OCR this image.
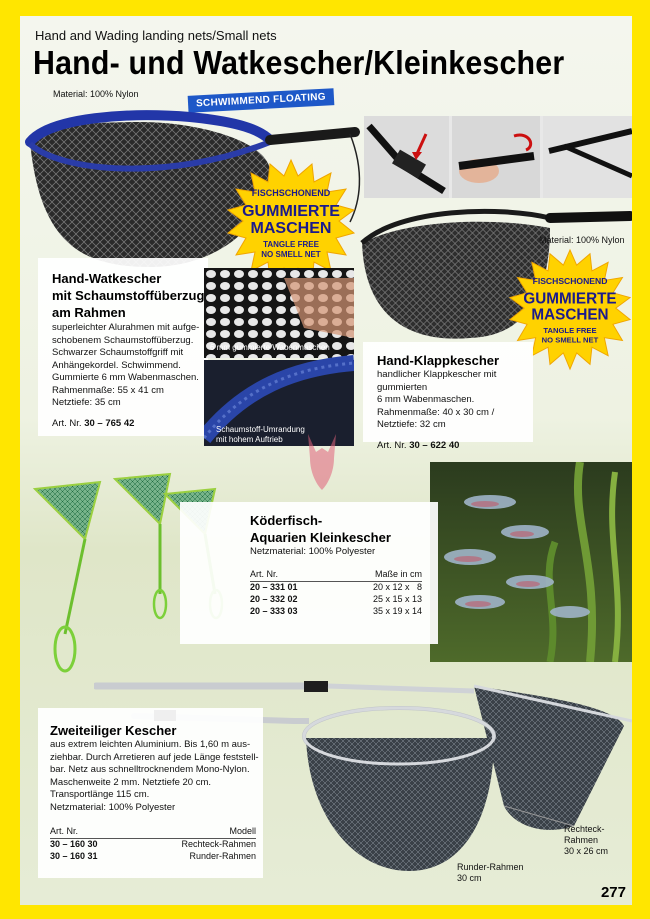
Hand and Wading landing nets/Small nets
Hand- und Watkescher/Kleinkescher
Material: 100% Nylon	SCHWIMMEND FLOATING
Material: 100% Nylon
FISCHSCHONEND
GUMMIERTE
MASCHEN
TANGLE FREE
NO SMELL NET
FISCHSCHONEND
GUMMIERTE
MASCHEN
TANGLE FREE
NO SMELL NET
Hand-Watkescher
mit Schaumstoffüberzug
am Rahmen

superleichter Alurahmen mit aufge-

schobenem Schaumstoffüberzug.

Schwarzer Schaumstoffgriff mit

Anhängekordel. Schwimmend.

Gummierte 6 mm Wabenmaschen.

Rahmenmaße: 55 x 41 cm

Netztiefe: 35 cm

Art. Nr. 30 – 765 42
6 mm gummierte Wabenmaschen
Schaumstoff-Umrandung
mit hohem Auftrieb
Hand-Klappkescher

handlicher Klappkescher mit gummierten

6 mm Wabenmaschen.

Rahmenmaße: 40 x 30 cm / Netztiefe: 32 cm

Art. Nr. 30 – 622 40
Köderfisch-
Aquarien Kleinkescher

Netzmaterial: 100% Polyester

Art. Nr.	Maße in cm
20 – 331 01	20 x 12 x   8
20 – 332 02	25 x 15 x 13
20 – 333 03	35 x 19 x 14
Zweiteiliger Kescher

aus extrem leichten Aluminium. Bis 1,60 m aus-

ziehbar. Durch Arretieren auf jede Länge feststell-

bar. Netz aus schnelltrocknendem Mono-Nylon.

Maschenweite 2 mm. Netztiefe 20 cm.

Transportlänge 115 cm.

Netzmaterial: 100% Polyester

Art. Nr.	Modell
30 – 160 30	Rechteck-Rahmen
30 – 160 31	Runder-Rahmen
Rechteck-Rahmen
30 x 26 cm
Runder-Rahmen
30 cm
277
